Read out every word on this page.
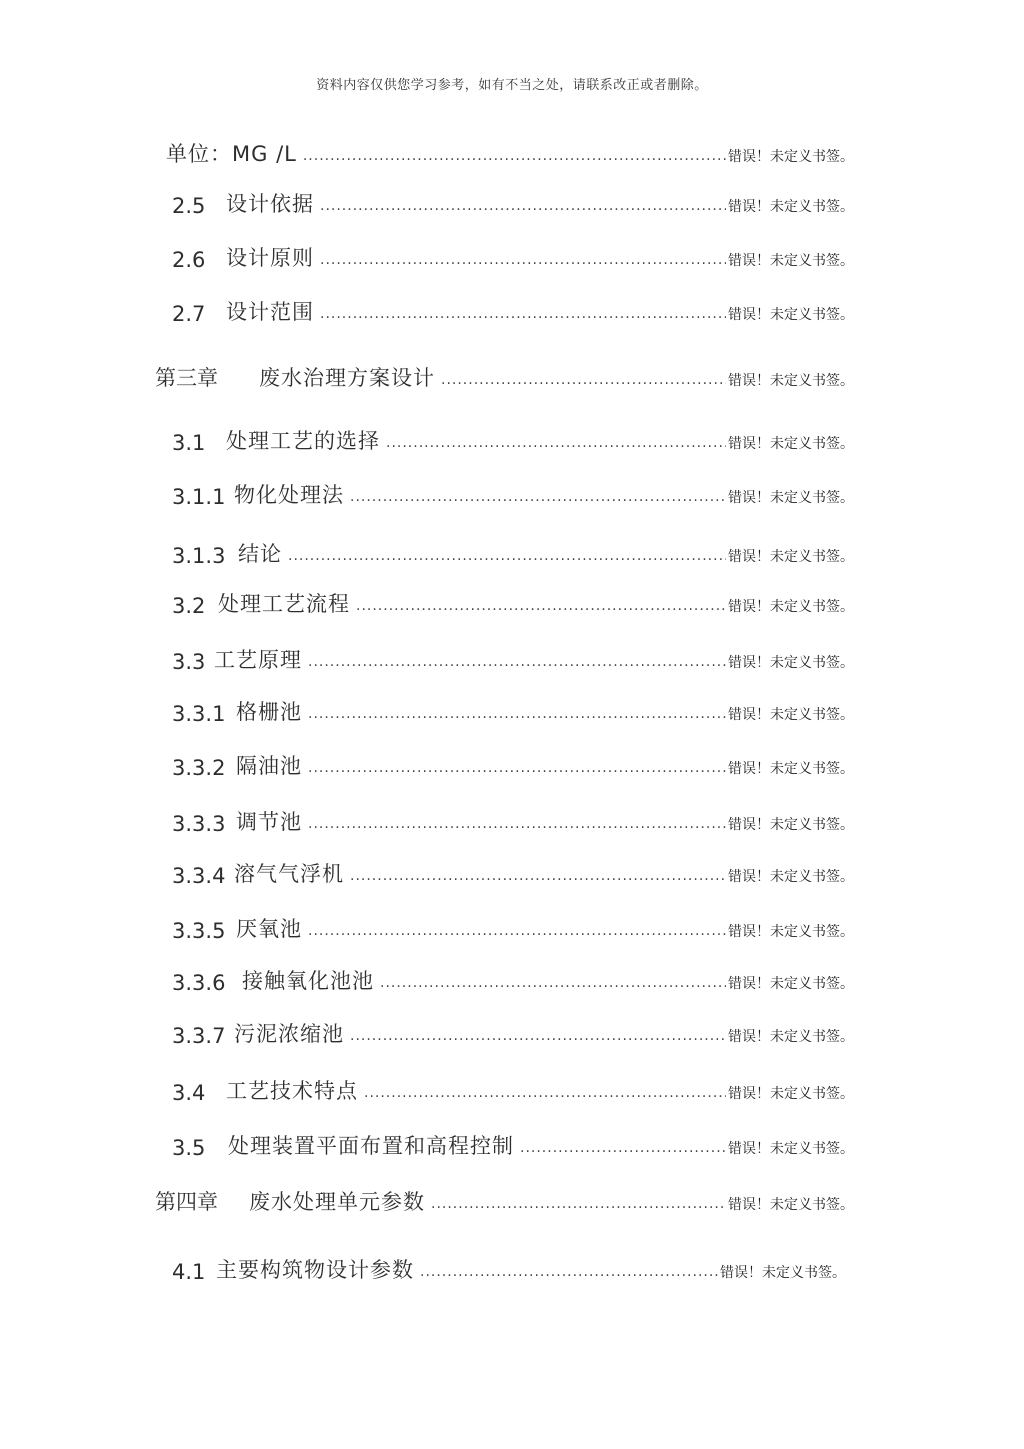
资料内容仅供您学习参考，如有不当之处，请联系改正或者删除。
单位：MG /L .....	错误！未定义书签。
2.5 设计依据 .....	错误！未定义书签。
2.6 设计原则 .....	错误！未定义书签。
2.7 设计范围 .....	错误！未定义书签。
第三章	废水治理方案设计 .....	错误！未定义书签。
3.1 处理工艺的选择 .....	错误！未定义书签。
3.1.1 物化处理法 .....	错误！未定义书签。
3.1.3 结论 .....	错误！未定义书签。
3.2 处理工艺流程 .....	错误！未定义书签。
3.3 工艺原理 .....	错误！未定义书签。
3.3.1 格栅池 .....	错误！未定义书签。
3.3.2 隔油池 .....	错误！未定义书签。
3.3.3 调节池 .....	错误！未定义书签。
3.3.4 溶气气浮机 .....	错误！未定义书签。
3.3.5 厌氧池 .....	错误！未定义书签。
3.3.6 接触氧化池池 .....	错误！未定义书签。
3.3.7 污泥浓缩池 .....	错误！未定义书签。
3.4 工艺技术特点 .....	错误！未定义书签。
3.5	处理装置平面布置和高程控制 .....	错误！未定义书签。
第四章	废水处理单元参数 .....	错误！未定义书签。
4.1 主要构筑物设计参数 .....	错误！未定义书签。
